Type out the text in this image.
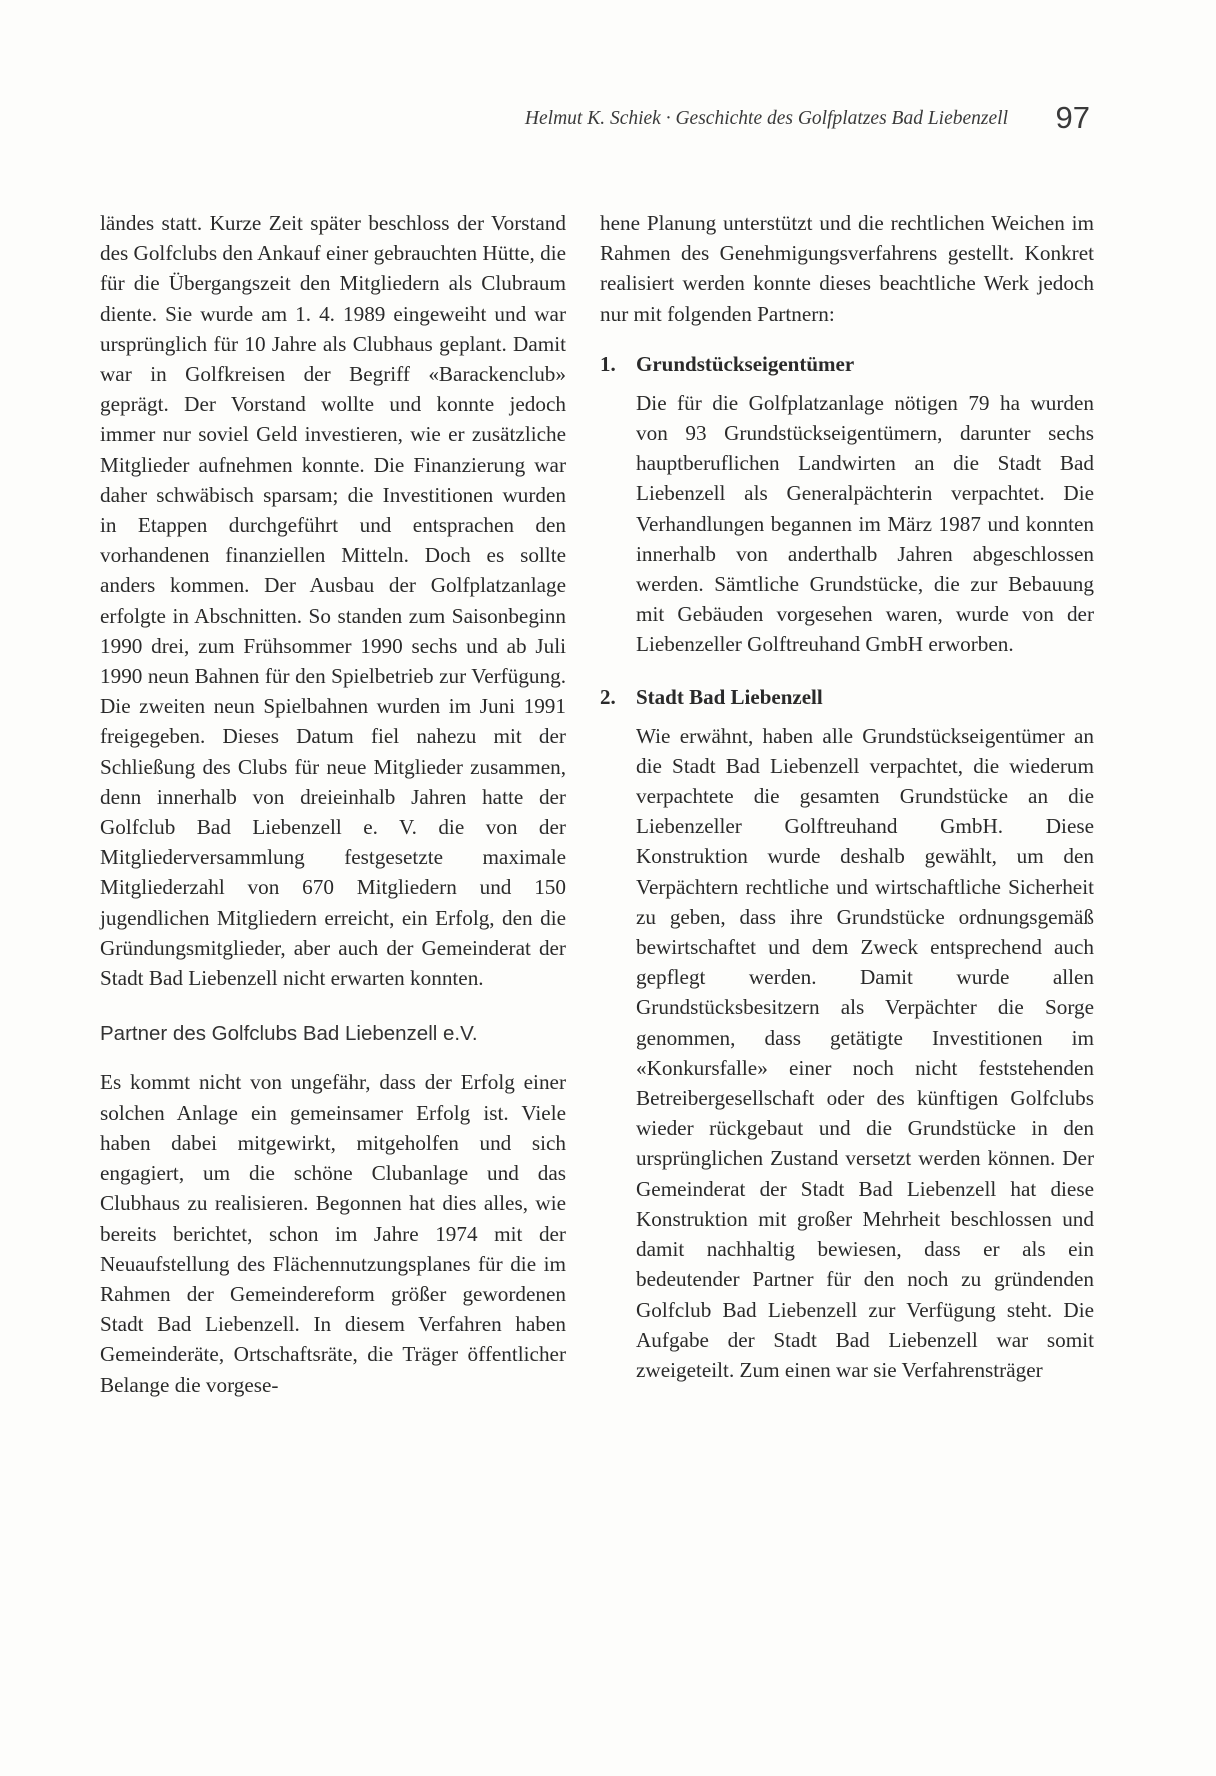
Helmut K. Schiek · Geschichte des Golfplatzes Bad Liebenzell 97

ländes statt. Kurze Zeit später beschloss der Vorstand des Golfclubs den Ankauf einer gebrauchten Hütte, die für die Übergangszeit den Mitgliedern als Clubraum diente. Sie wurde am 1. 4. 1989 eingeweiht und war ursprünglich für 10 Jahre als Clubhaus geplant. Damit war in Golfkreisen der Begriff «Barackenclub» geprägt. Der Vorstand wollte und konnte jedoch immer nur soviel Geld investieren, wie er zusätzliche Mitglieder aufnehmen konnte. Die Finanzierung war daher schwäbisch sparsam; die Investitionen wurden in Etappen durchgeführt und entsprachen den vorhandenen finanziellen Mitteln. Doch es sollte anders kommen. Der Ausbau der Golfplatzanlage erfolgte in Abschnitten. So standen zum Saisonbeginn 1990 drei, zum Frühsommer 1990 sechs und ab Juli 1990 neun Bahnen für den Spielbetrieb zur Verfügung. Die zweiten neun Spielbahnen wurden im Juni 1991 freigegeben. Dieses Datum fiel nahezu mit der Schließung des Clubs für neue Mitglieder zusammen, denn innerhalb von dreieinhalb Jahren hatte der Golfclub Bad Liebenzell e. V. die von der Mitgliederversammlung festgesetzte maximale Mitgliederzahl von 670 Mitgliedern und 150 jugendlichen Mitgliedern erreicht, ein Erfolg, den die Gründungsmitglieder, aber auch der Gemeinderat der Stadt Bad Liebenzell nicht erwarten konnten.

Partner des Golfclubs Bad Liebenzell e.V.

Es kommt nicht von ungefähr, dass der Erfolg einer solchen Anlage ein gemeinsamer Erfolg ist. Viele haben dabei mitgewirkt, mitgeholfen und sich engagiert, um die schöne Clubanlage und das Clubhaus zu realisieren. Begonnen hat dies alles, wie bereits berichtet, schon im Jahre 1974 mit der Neuaufstellung des Flächennutzungsplanes für die im Rahmen der Gemeindereform größer gewordenen Stadt Bad Liebenzell. In diesem Verfahren haben Gemeinderäte, Ortschaftsräte, die Träger öffentlicher Belange die vorgese-

hene Planung unterstützt und die rechtlichen Weichen im Rahmen des Genehmigungsverfahrens gestellt. Konkret realisiert werden konnte dieses beachtliche Werk jedoch nur mit folgenden Partnern:

1. Grundstückseigentümer

Die für die Golfplatzanlage nötigen 79 ha wurden von 93 Grundstückseigentümern, darunter sechs hauptberuflichen Landwirten an die Stadt Bad Liebenzell als Generalpächterin verpachtet. Die Verhandlungen begannen im März 1987 und konnten innerhalb von anderthalb Jahren abgeschlossen werden. Sämtliche Grundstücke, die zur Bebauung mit Gebäuden vorgesehen waren, wurde von der Liebenzeller Golftreuhand GmbH erworben.

2. Stadt Bad Liebenzell

Wie erwähnt, haben alle Grundstückseigentümer an die Stadt Bad Liebenzell verpachtet, die wiederum verpachtete die gesamten Grundstücke an die Liebenzeller Golftreuhand GmbH. Diese Konstruktion wurde deshalb gewählt, um den Verpächtern rechtliche und wirtschaftliche Sicherheit zu geben, dass ihre Grundstücke ordnungsgemäß bewirtschaftet und dem Zweck entsprechend auch gepflegt werden. Damit wurde allen Grundstücksbesitzern als Verpächter die Sorge genommen, dass getätigte Investitionen im «Konkursfalle» einer noch nicht feststehenden Betreibergesellschaft oder des künftigen Golfclubs wieder rückgebaut und die Grundstücke in den ursprünglichen Zustand versetzt werden können. Der Gemeinderat der Stadt Bad Liebenzell hat diese Konstruktion mit großer Mehrheit beschlossen und damit nachhaltig bewiesen, dass er als ein bedeutender Partner für den noch zu gründenden Golfclub Bad Liebenzell zur Verfügung steht. Die Aufgabe der Stadt Bad Liebenzell war somit zweigeteilt. Zum einen war sie Verfahrensträger
